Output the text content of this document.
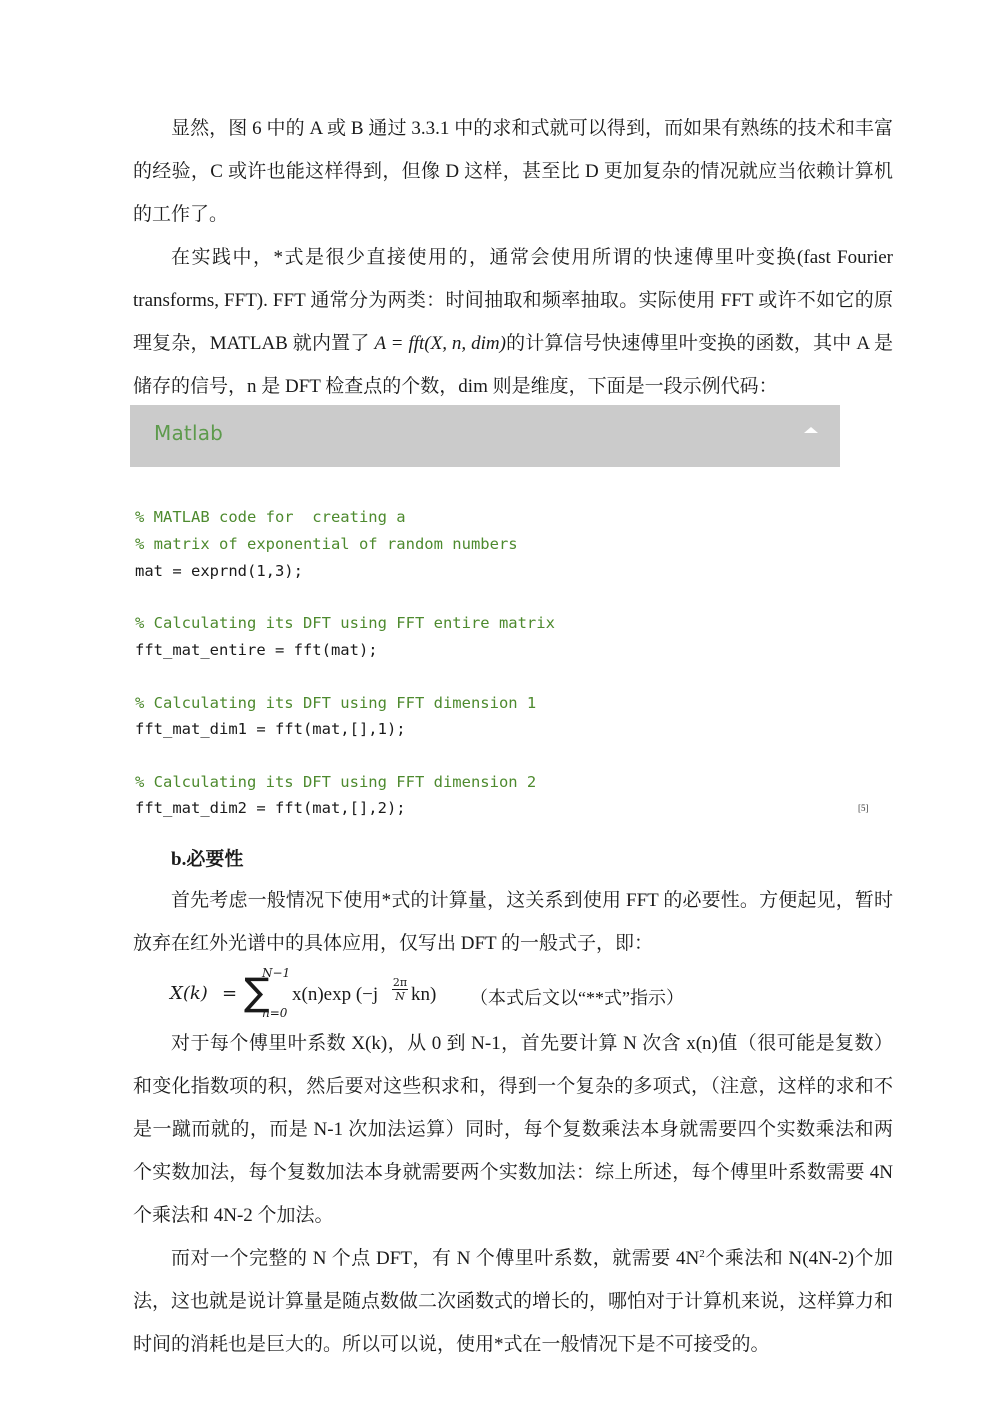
显然，图 6 中的 A 或 B 通过 3.3.1 中的求和式就可以得到，而如果有熟练的技术和丰富的经验，C 或许也能这样得到，但像 D 这样，甚至比 D 更加复杂的情况就应当依赖计算机的工作了。

在实践中，*式是很少直接使用的，通常会使用所谓的快速傅里叶变换(fast Fourier transforms, FFT). FFT 通常分为两类：时间抽取和频率抽取。实际使用 FFT 或许不如它的原理复杂，MATLAB 就内置了 A = fft(X, n, dim)的计算信号快速傅里叶变换的函数，其中 A 是储存的信号，n 是 DFT 检查点的个数，dim 则是维度，下面是一段示例代码：

Matlab
% MATLAB code for  creating a
% matrix of exponential of random numbers
mat = exprnd(1,3);
% Calculating its DFT using FFT entire matrix
fft_mat_entire = fft(mat);
% Calculating its DFT using FFT dimension 1
fft_mat_dim1 = fft(mat,[],1);
% Calculating its DFT using FFT dimension 2
fft_mat_dim2 = fft(mat,[],2);	[5]
b.必要性

首先考虑一般情况下使用*式的计算量，这关系到使用 FFT 的必要性。方便起见，暂时放弃在红外光谱中的具体应用，仅写出 DFT 的一般式子，即：

X(k) = ∑
N−1
n=0
x(n)exp $(-j \frac{2\pi}{N} kn)$ （本式后文以“**式”指示）

对于每个傅里叶系数 X(k)，从 0 到 N-1，首先要计算 N 次含 x(n)值（很可能是复数）和变化指数项的积，然后要对这些积求和，得到一个复杂的多项式，（注意，这样的求和不是一蹴而就的，而是 N-1 次加法运算）同时，每个复数乘法本身就需要四个实数乘法和两个实数加法，每个复数加法本身就需要两个实数加法：综上所述，每个傅里叶系数需要 4N 个乘法和 4N-2 个加法。

而对一个完整的 N 个点 DFT，有 N 个傅里叶系数，就需要 $4N^2$个乘法和 N(4N-2)个加法，这也就是说计算量是随点数做二次函数式的增长的，哪怕对于计算机来说，这样算力和时间的消耗也是巨大的。所以可以说，使用*式在一般情况下是不可接受的。
